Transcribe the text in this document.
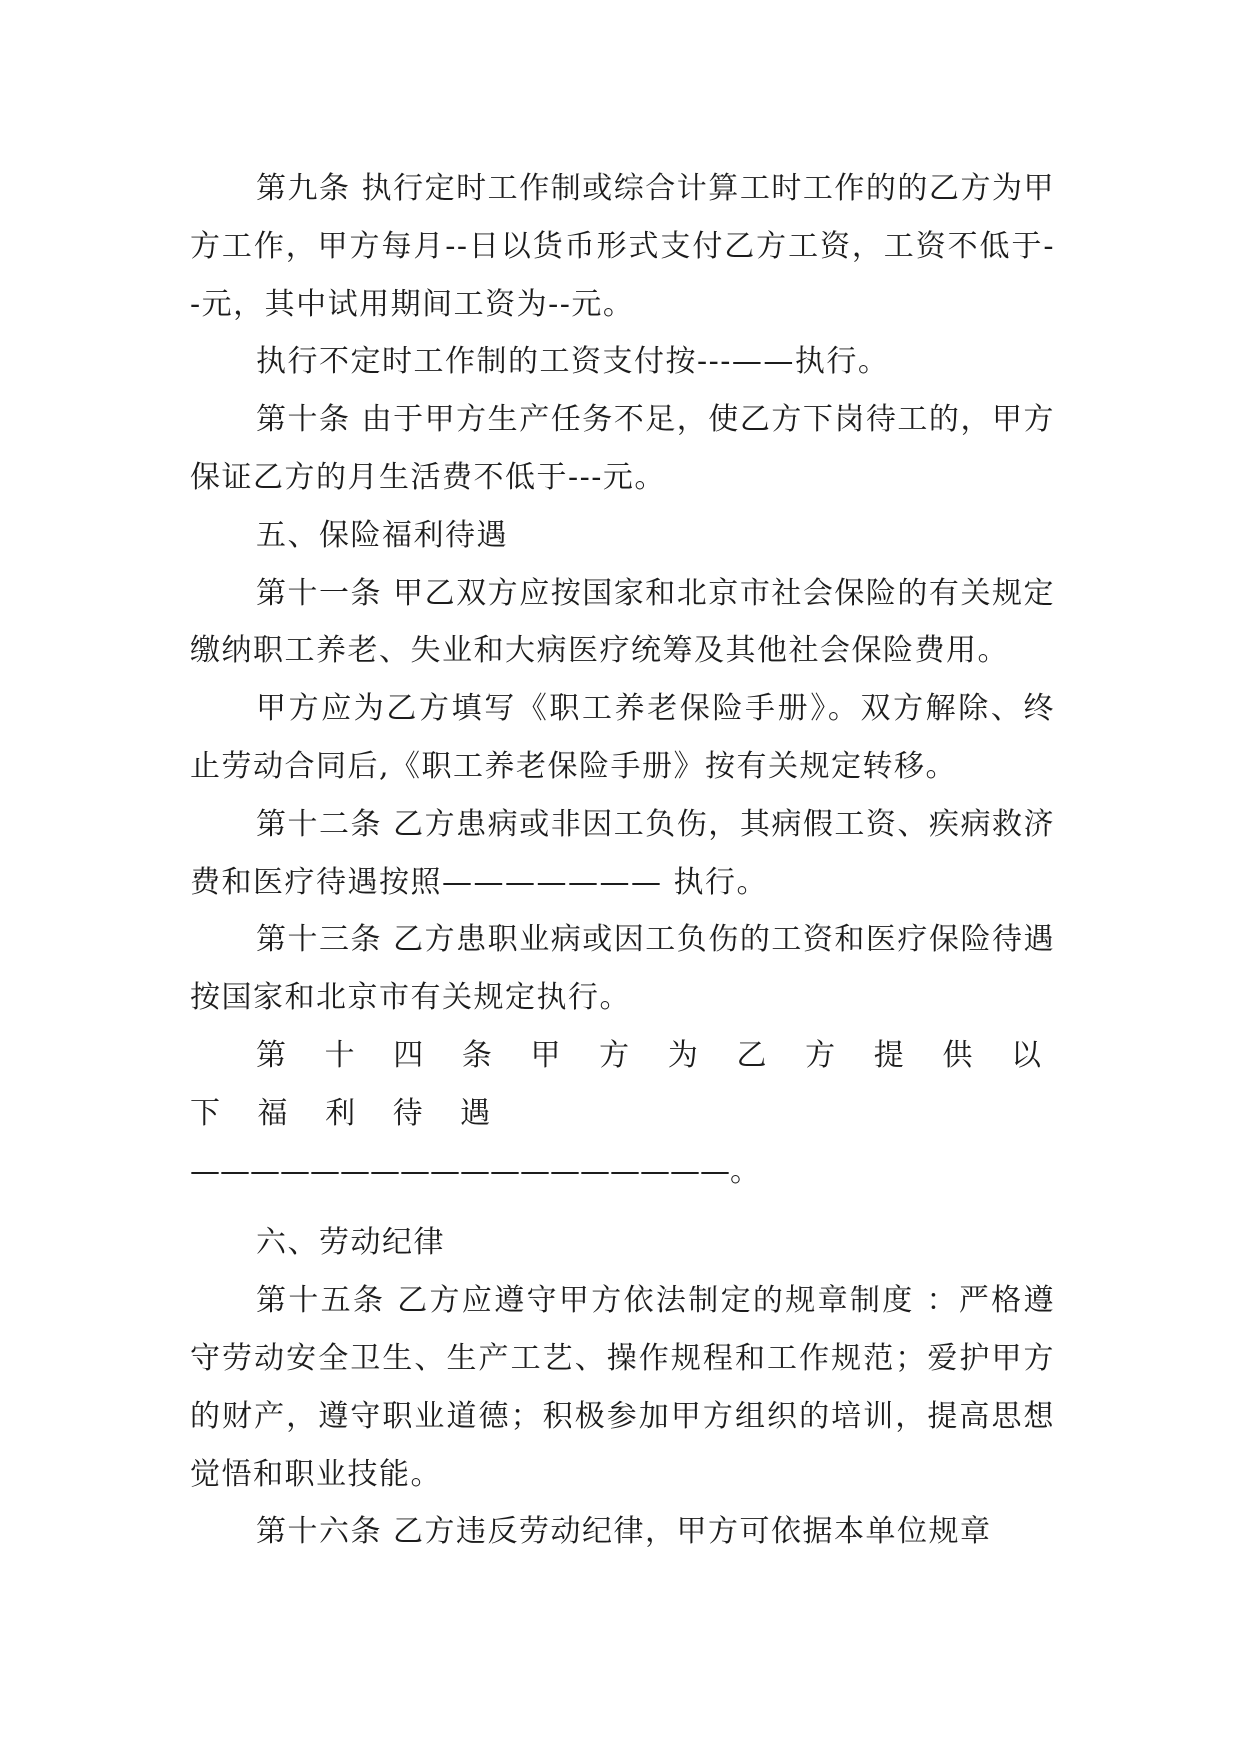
第九条 执行定时工作制或综合计算工时工作的的乙方为甲方工作，甲方每月--日以货币形式支付乙方工资，工资不低于--元，其中试用期间工资为--元。

执行不定时工作制的工资支付按---——执行。

第十条 由于甲方生产任务不足，使乙方下岗待工的，甲方保证乙方的月生活费不低于---元。

五、保险福利待遇

第十一条 甲乙双方应按国家和北京市社会保险的有关规定缴纳职工养老、失业和大病医疗统筹及其他社会保险费用。

甲方应为乙方填写《职工养老保险手册》。双方解除、终止劳动合同后,《职工养老保险手册》按有关规定转移。

第十二条 乙方患病或非因工负伤，其病假工资、疾病救济费和医疗待遇按照——————— 执行。

第十三条 乙方患职业病或因工负伤的工资和医疗保险待遇按国家和北京市有关规定执行。

第 十 四 条 甲 方 为 乙 方 提 供 以 下 福 利 待 遇

——————————————————。

六、劳动纪律

第十五条 乙方应遵守甲方依法制定的规章制度 ：严格遵守劳动安全卫生、生产工艺、操作规程和工作规范；爱护甲方的财产，遵守职业道德；积极参加甲方组织的培训，提高思想觉悟和职业技能。

第十六条 乙方违反劳动纪律，甲方可依据本单位规章
